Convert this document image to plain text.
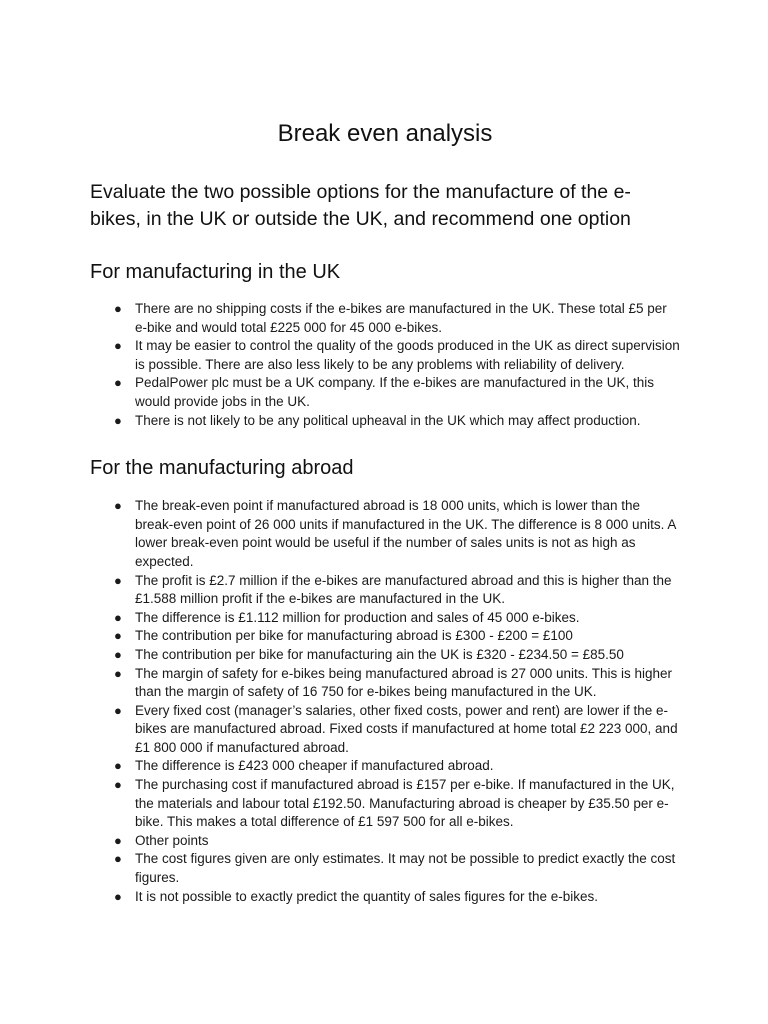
Break even analysis

Evaluate the two possible options for the manufacture of the e-bikes, in the UK or outside the UK, and recommend one option

For manufacturing in the UK
● There are no shipping costs if the e-bikes are manufactured in the UK. These total £5 per e-bike and would total £225 000 for 45 000 e-bikes.
● It may be easier to control the quality of the goods produced in the UK as direct supervision is possible. There are also less likely to be any problems with reliability of delivery.
● PedalPower plc must be a UK company. If the e-bikes are manufactured in the UK, this would provide jobs in the UK.
● There is not likely to be any political upheaval in the UK which may affect production.
For the manufacturing abroad
● The break-even point if manufactured abroad is 18 000 units, which is lower than the break-even point of 26 000 units if manufactured in the UK. The difference is 8 000 units. A lower break-even point would be useful if the number of sales units is not as high as expected.
● The profit is £2.7 million if the e-bikes are manufactured abroad and this is higher than the £1.588 million profit if the e-bikes are manufactured in the UK.
● The difference is £1.112 million for production and sales of 45 000 e-bikes.
● The contribution per bike for manufacturing abroad is £300 - £200 = £100
● The contribution per bike for manufacturing ain the UK is £320 - £234.50 = £85.50
● The margin of safety for e-bikes being manufactured abroad is 27 000 units. This is higher than the margin of safety of 16 750 for e-bikes being manufactured in the UK.
● Every fixed cost (manager’s salaries, other fixed costs, power and rent) are lower if the e-bikes are manufactured abroad. Fixed costs if manufactured at home total £2 223 000, and £1 800 000 if manufactured abroad.
● The difference is £423 000 cheaper if manufactured abroad.
● The purchasing cost if manufactured abroad is £157 per e-bike. If manufactured in the UK, the materials and labour total £192.50. Manufacturing abroad is cheaper by £35.50 per e-bike. This makes a total difference of £1 597 500 for all e-bikes.
● Other points
● The cost figures given are only estimates. It may not be possible to predict exactly the cost figures.
● It is not possible to exactly predict the quantity of sales figures for the e-bikes.
